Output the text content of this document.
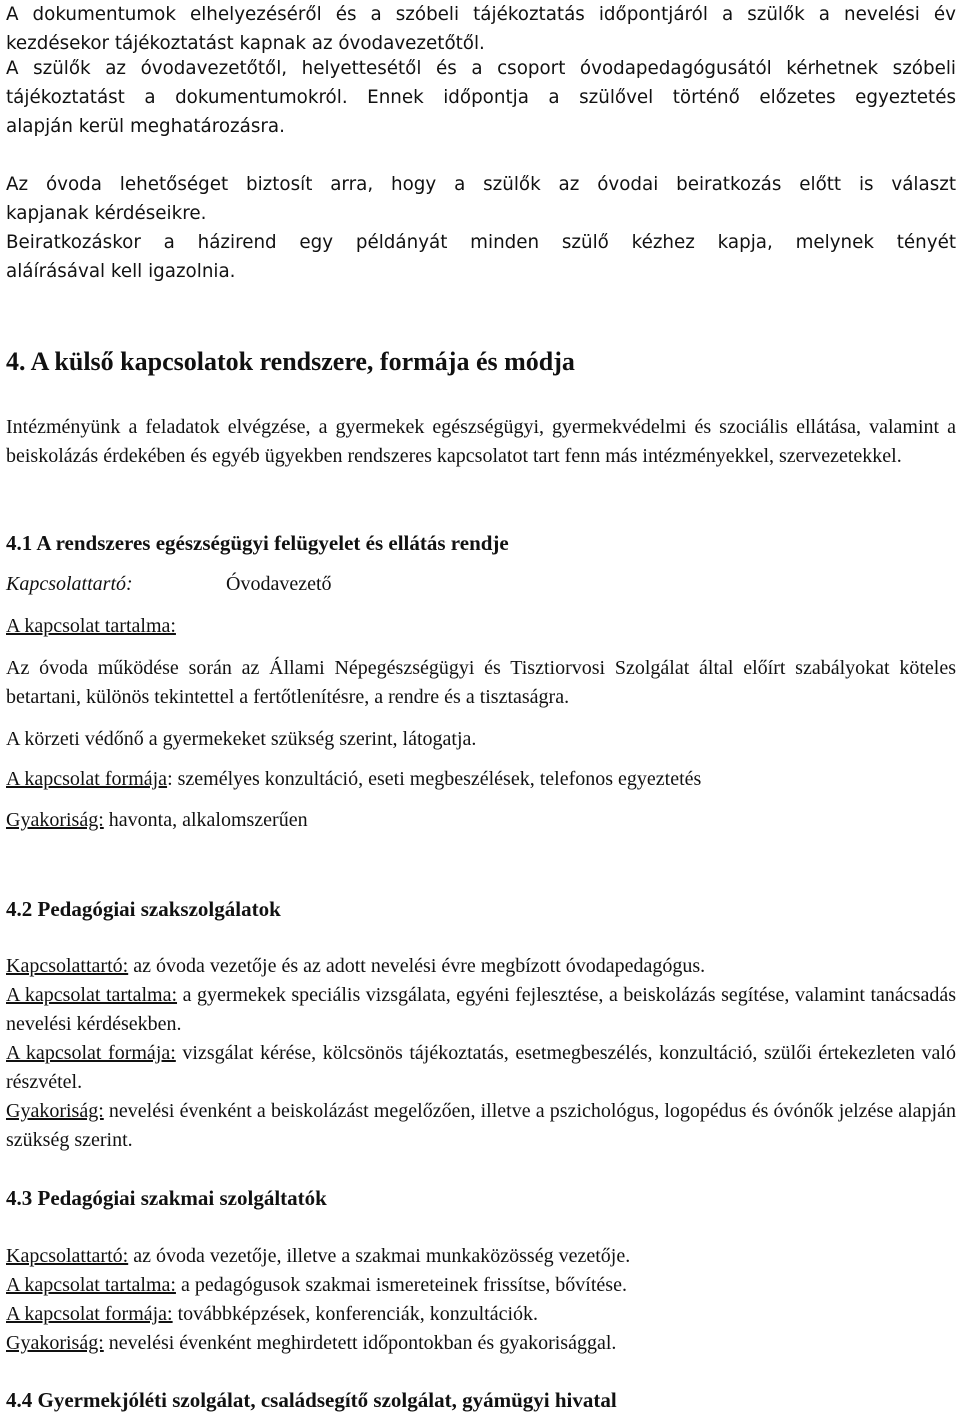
A dokumentumok elhelyezéséről és a szóbeli tájékoztatás időpontjáról a szülők a nevelési év
kezdésekor tájékoztatást kapnak az óvodavezetőtől.
A szülők az óvodavezetőtől, helyettesétől és a csoport óvodapedagógusától kérhetnek szóbeli
tájékoztatást a dokumentumokról. Ennek időpontja a szülővel történő előzetes egyeztetés
alapján kerül meghatározásra.
Az óvoda lehetőséget biztosít arra, hogy a szülők az óvodai beiratkozás előtt is választ
kapjanak kérdéseikre.
Beiratkozáskor a házirend egy példányát minden szülő kézhez kapja, melynek tényét
aláírásával kell igazolnia.
4. A külső kapcsolatok rendszere, formája és módja

Intézményünk a feladatok elvégzése, a gyermekek egészségügyi, gyermekvédelmi és szociális ellátása, valamint a beiskolázás érdekében és egyéb ügyekben rendszeres kapcsolatot tart fenn más intézményekkel, szervezetekkel.

4.1 A rendszeres egészségügyi felügyelet és ellátás rendje
Kapcsolattartó:	Óvodavezető
A kapcsolat tartalma:

Az óvoda működése során az Állami Népegészségügyi és Tisztiorvosi Szolgálat által előírt szabályokat köteles betartani, különös tekintettel a fertőtlenítésre, a rendre és a tisztaságra.

A körzeti védőnő a gyermekeket szükség szerint, látogatja.

A kapcsolat formája: személyes konzultáció, eseti megbeszélések, telefonos egyeztetés
Gyakoriság: havonta, alkalomszerűen
4.2 Pedagógiai szakszolgálatok
Kapcsolattartó: az óvoda vezetője és az adott nevelési évre megbízott óvodapedagógus.
A kapcsolat tartalma: a gyermekek speciális vizsgálata, egyéni fejlesztése, a beiskolázás segítése, valamint tanácsadás nevelési kérdésekben.
A kapcsolat formája: vizsgálat kérése, kölcsönös tájékoztatás, esetmegbeszélés, konzultáció, szülői értekezleten való részvétel.
Gyakoriság: nevelési évenként a beiskolázást megelőzően, illetve a pszichológus, logopédus és óvónők jelzése alapján szükség szerint.
4.3 Pedagógiai szakmai szolgáltatók
Kapcsolattartó: az óvoda vezetője, illetve a szakmai munkaközösség vezetője.
A kapcsolat tartalma: a pedagógusok szakmai ismereteinek frissítse, bővítése.
A kapcsolat formája: továbbképzések, konferenciák, konzultációk.
Gyakoriság: nevelési évenként meghirdetett időpontokban és gyakorisággal.
4.4 Gyermekjóléti szolgálat, családsegítő szolgálat, gyámügyi hivatal
